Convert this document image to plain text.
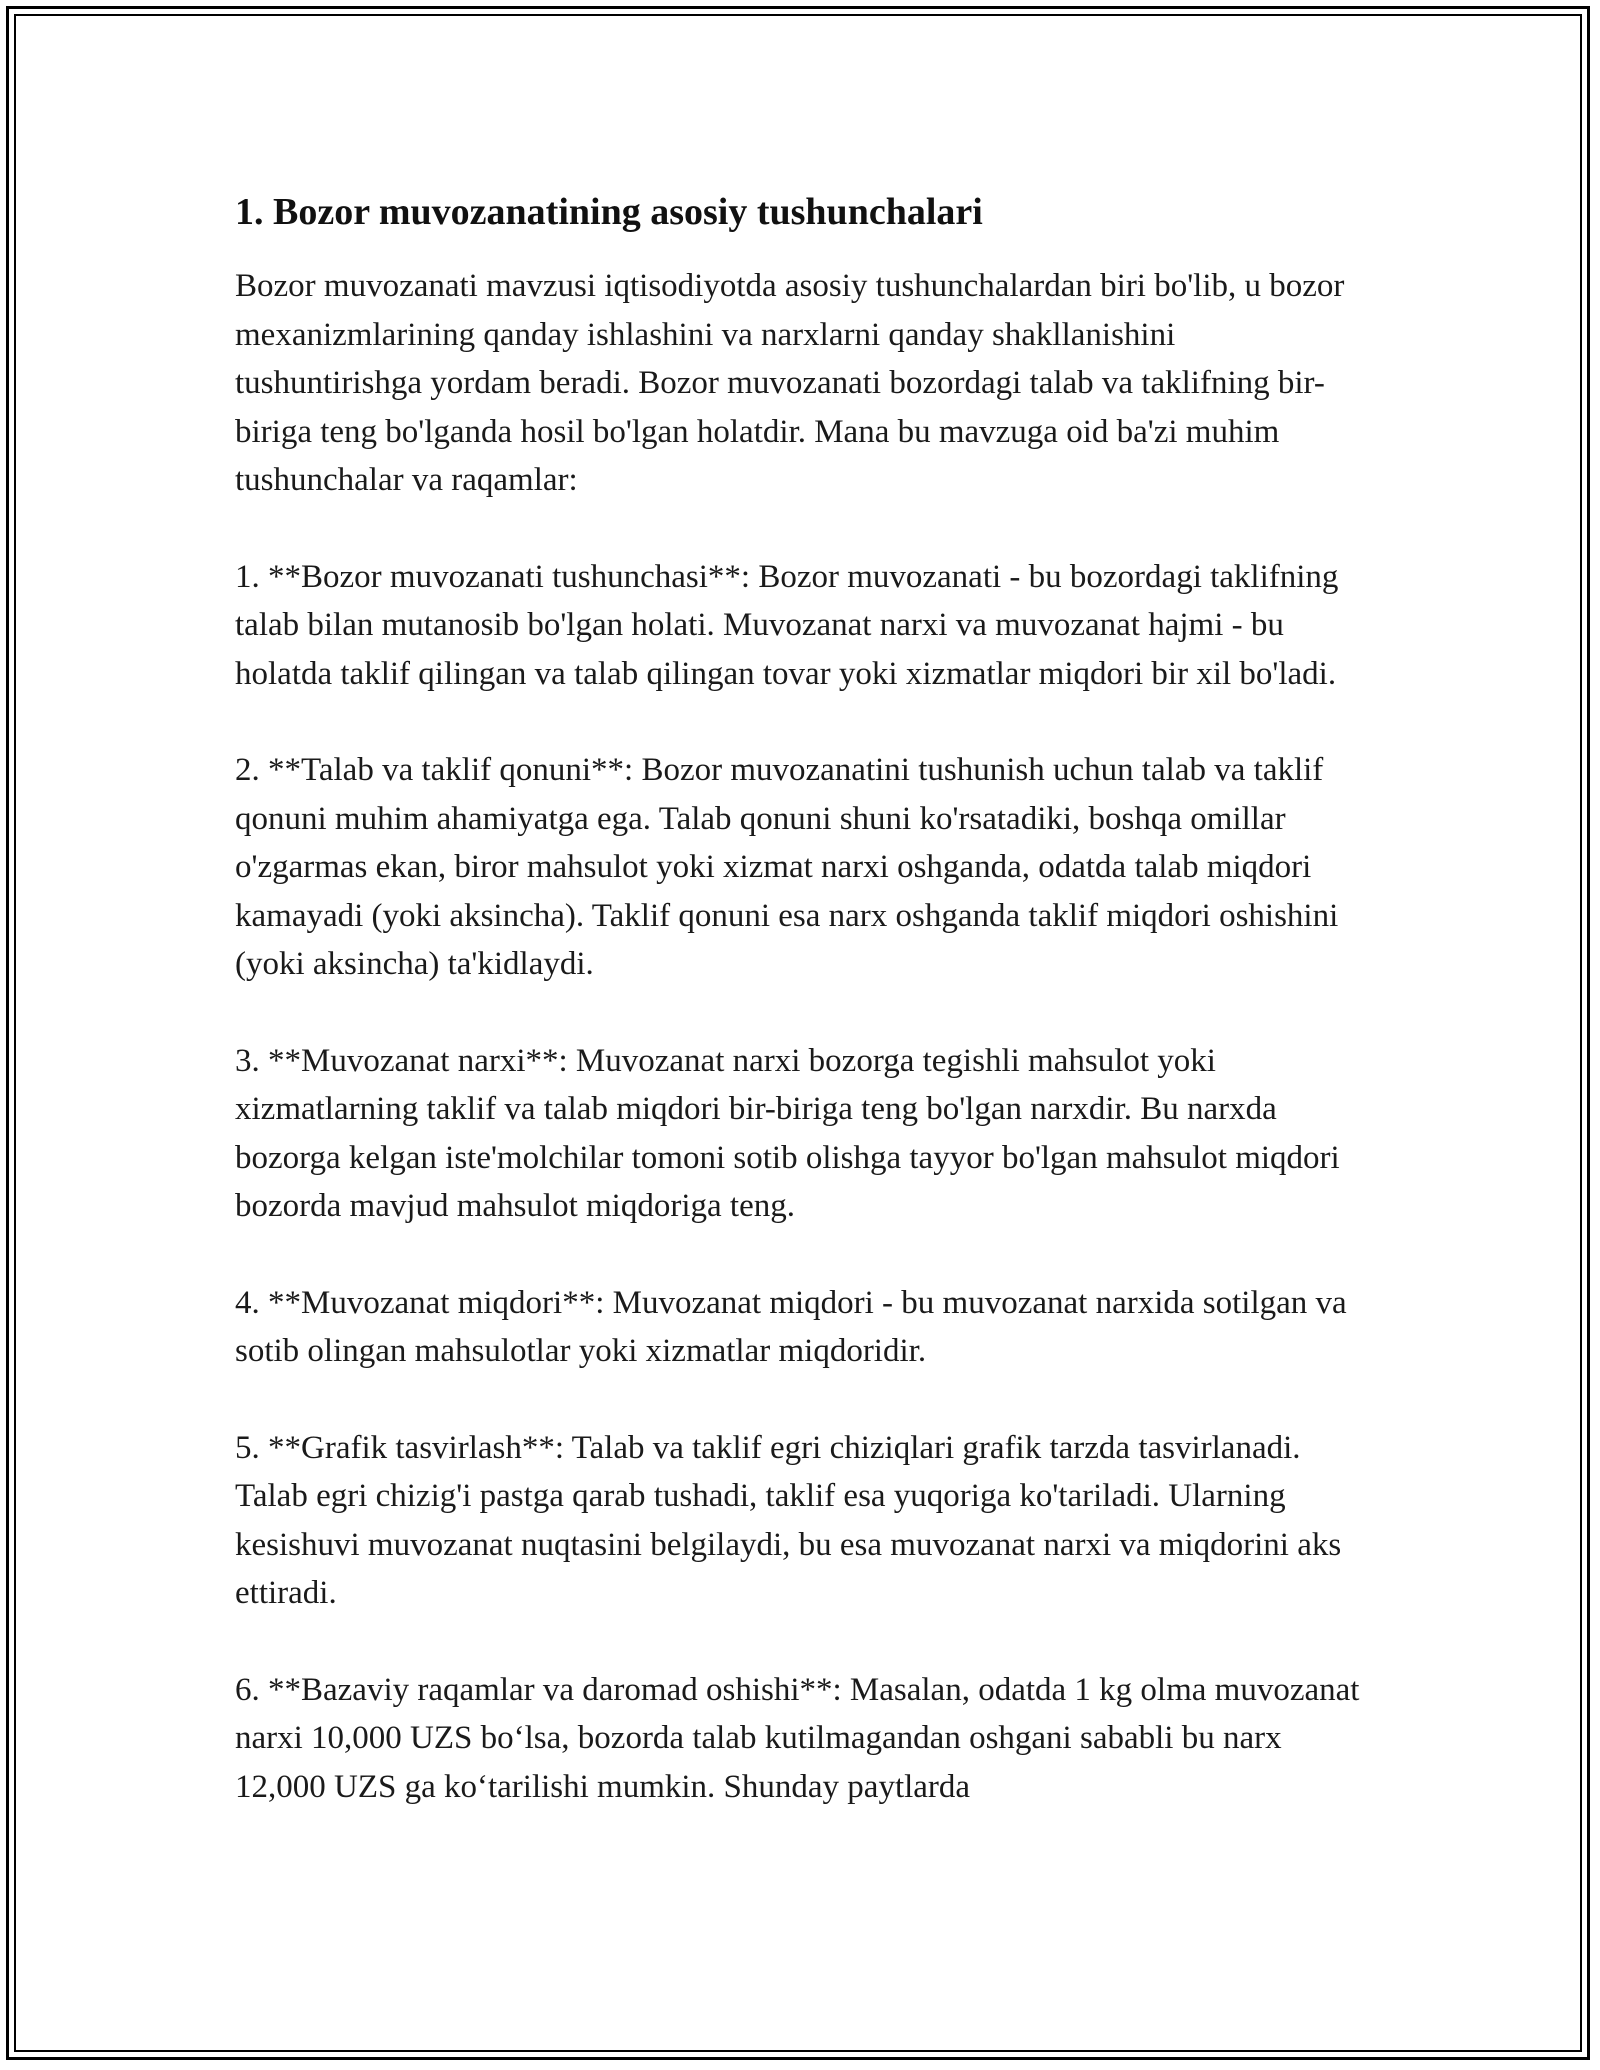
1. Bozor muvozanatining asosiy tushunchalari

Bozor muvozanati mavzusi iqtisodiyotda asosiy tushunchalardan biri bo'lib, u bozor mexanizmlarining qanday ishlashini va narxlarni qanday shakllanishini tushuntirishga yordam beradi. Bozor muvozanati bozordagi talab va taklifning bir-biriga teng bo'lganda hosil bo'lgan holatdir. Mana bu mavzuga oid ba'zi muhim tushunchalar va raqamlar:

1. **Bozor muvozanati tushunchasi**: Bozor muvozanati - bu bozordagi taklifning talab bilan mutanosib bo'lgan holati. Muvozanat narxi va muvozanat hajmi - bu holatda taklif qilingan va talab qilingan tovar yoki xizmatlar miqdori bir xil bo'ladi.

2. **Talab va taklif qonuni**: Bozor muvozanatini tushunish uchun talab va taklif qonuni muhim ahamiyatga ega. Talab qonuni shuni ko'rsatadiki, boshqa omillar o'zgarmas ekan, biror mahsulot yoki xizmat narxi oshganda, odatda talab miqdori kamayadi (yoki aksincha). Taklif qonuni esa narx oshganda taklif miqdori oshishini (yoki aksincha) ta'kidlaydi.

3. **Muvozanat narxi**: Muvozanat narxi bozorga tegishli mahsulot yoki xizmatlarning taklif va talab miqdori bir-biriga teng bo'lgan narxdir. Bu narxda bozorga kelgan iste'molchilar tomoni sotib olishga tayyor bo'lgan mahsulot miqdori bozorda mavjud mahsulot miqdoriga teng.

4. **Muvozanat miqdori**: Muvozanat miqdori - bu muvozanat narxida sotilgan va sotib olingan mahsulotlar yoki xizmatlar miqdoridir.

5. **Grafik tasvirlash**: Talab va taklif egri chiziqlari grafik tarzda tasvirlanadi. Talab egri chizig'i pastga qarab tushadi, taklif esa yuqoriga ko'tariladi. Ularning kesishuvi muvozanat nuqtasini belgilaydi, bu esa muvozanat narxi va miqdorini aks ettiradi.

6. **Bazaviy raqamlar va daromad oshishi**: Masalan, odatda 1 kg olma muvozanat narxi 10,000 UZS bo‘lsa, bozorda talab kutilmagandan oshgani sababli bu narx 12,000 UZS ga ko‘tarilishi mumkin. Shunday paytlarda
